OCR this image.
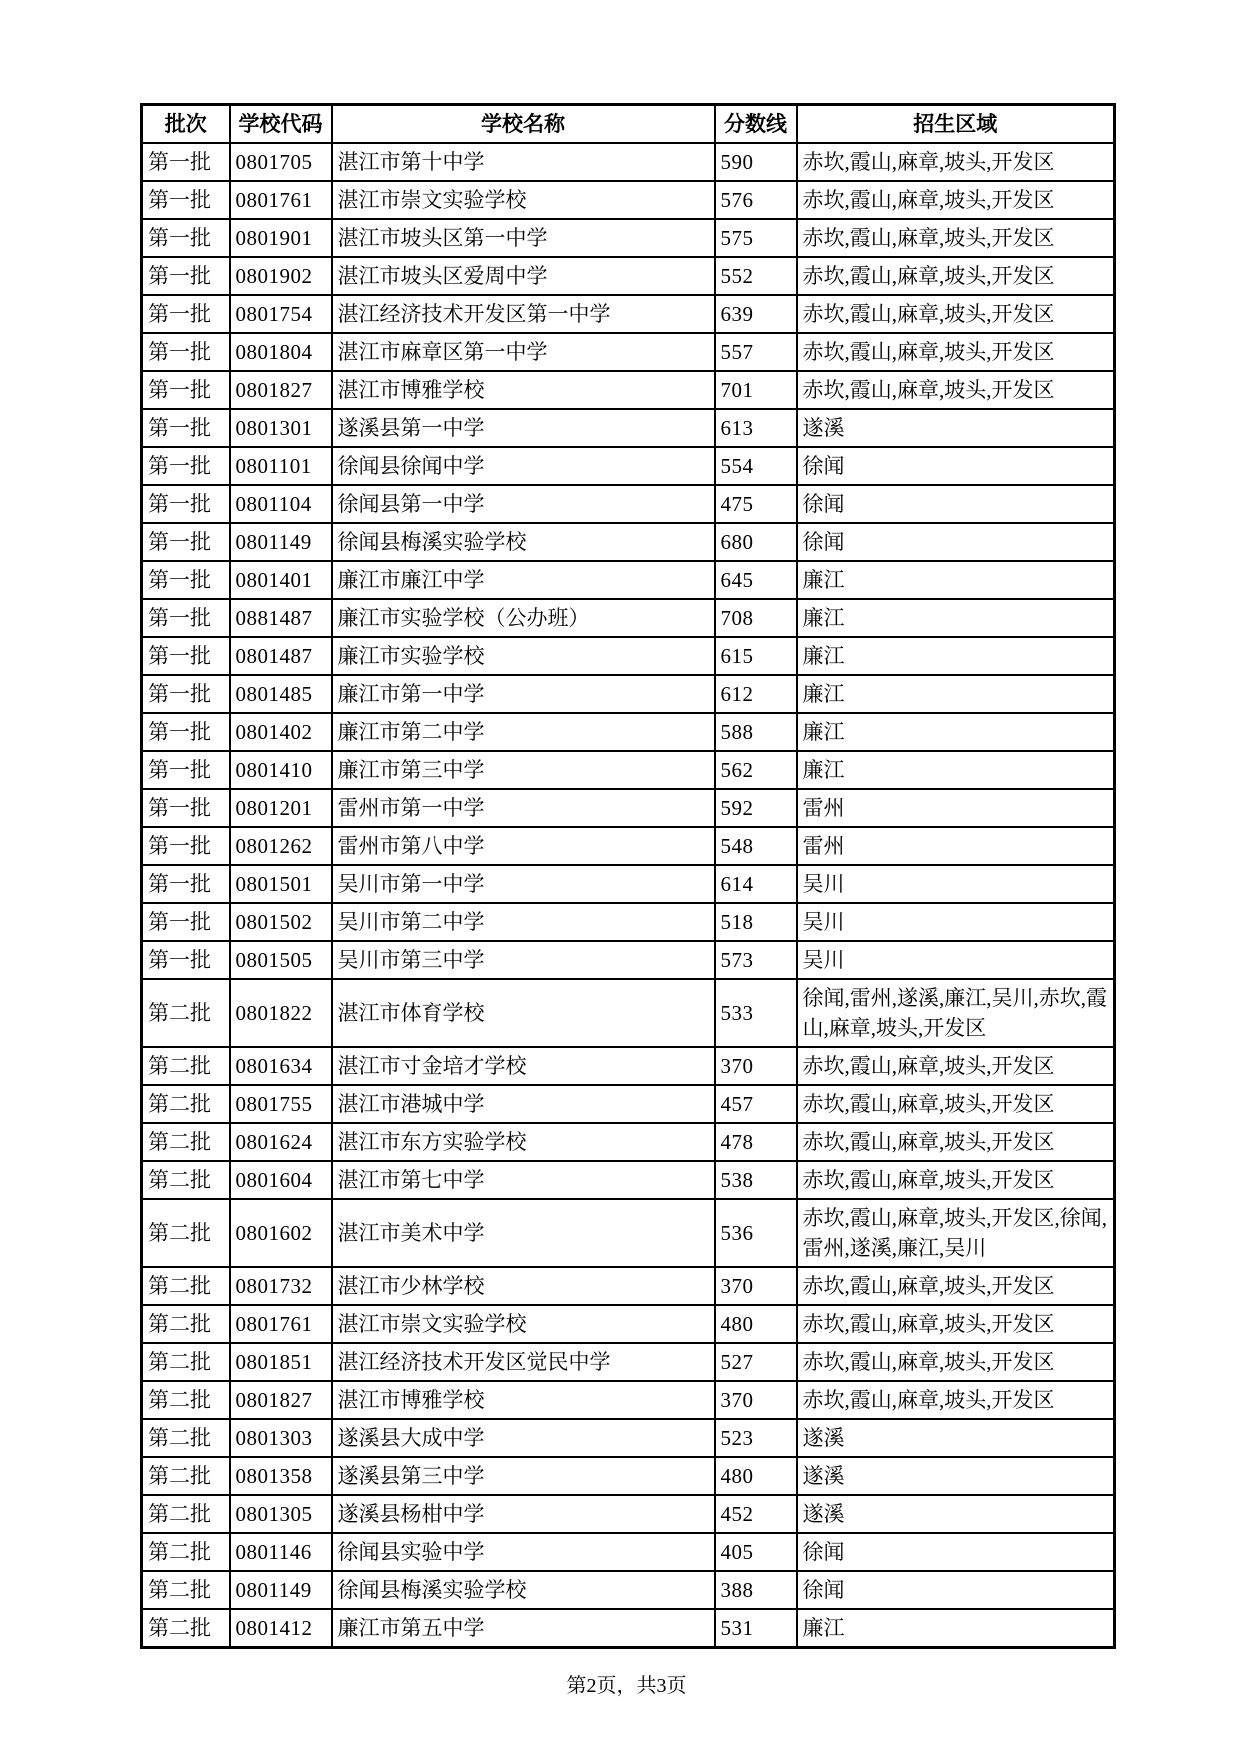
批次	学校代码	学校名称	分数线	招生区域
第一批	0801705	湛江市第十中学	590	赤坎,霞山,麻章,坡头,开发区
第一批	0801761	湛江市崇文实验学校	576	赤坎,霞山,麻章,坡头,开发区
第一批	0801901	湛江市坡头区第一中学	575	赤坎,霞山,麻章,坡头,开发区
第一批	0801902	湛江市坡头区爱周中学	552	赤坎,霞山,麻章,坡头,开发区
第一批	0801754	湛江经济技术开发区第一中学	639	赤坎,霞山,麻章,坡头,开发区
第一批	0801804	湛江市麻章区第一中学	557	赤坎,霞山,麻章,坡头,开发区
第一批	0801827	湛江市博雅学校	701	赤坎,霞山,麻章,坡头,开发区
第一批	0801301	遂溪县第一中学	613	遂溪
第一批	0801101	徐闻县徐闻中学	554	徐闻
第一批	0801104	徐闻县第一中学	475	徐闻
第一批	0801149	徐闻县梅溪实验学校	680	徐闻
第一批	0801401	廉江市廉江中学	645	廉江
第一批	0881487	廉江市实验学校（公办班）	708	廉江
第一批	0801487	廉江市实验学校	615	廉江
第一批	0801485	廉江市第一中学	612	廉江
第一批	0801402	廉江市第二中学	588	廉江
第一批	0801410	廉江市第三中学	562	廉江
第一批	0801201	雷州市第一中学	592	雷州
第一批	0801262	雷州市第八中学	548	雷州
第一批	0801501	吴川市第一中学	614	吴川
第一批	0801502	吴川市第二中学	518	吴川
第一批	0801505	吴川市第三中学	573	吴川
第二批	0801822	湛江市体育学校	533	徐闻,雷州,遂溪,廉江,吴川,赤坎,霞山,麻章,坡头,开发区
第二批	0801634	湛江市寸金培才学校	370	赤坎,霞山,麻章,坡头,开发区
第二批	0801755	湛江市港城中学	457	赤坎,霞山,麻章,坡头,开发区
第二批	0801624	湛江市东方实验学校	478	赤坎,霞山,麻章,坡头,开发区
第二批	0801604	湛江市第七中学	538	赤坎,霞山,麻章,坡头,开发区
第二批	0801602	湛江市美术中学	536	赤坎,霞山,麻章,坡头,开发区,徐闻,雷州,遂溪,廉江,吴川
第二批	0801732	湛江市少林学校	370	赤坎,霞山,麻章,坡头,开发区
第二批	0801761	湛江市崇文实验学校	480	赤坎,霞山,麻章,坡头,开发区
第二批	0801851	湛江经济技术开发区觉民中学	527	赤坎,霞山,麻章,坡头,开发区
第二批	0801827	湛江市博雅学校	370	赤坎,霞山,麻章,坡头,开发区
第二批	0801303	遂溪县大成中学	523	遂溪
第二批	0801358	遂溪县第三中学	480	遂溪
第二批	0801305	遂溪县杨柑中学	452	遂溪
第二批	0801146	徐闻县实验中学	405	徐闻
第二批	0801149	徐闻县梅溪实验学校	388	徐闻
第二批	0801412	廉江市第五中学	531	廉江
第2页，共3页
